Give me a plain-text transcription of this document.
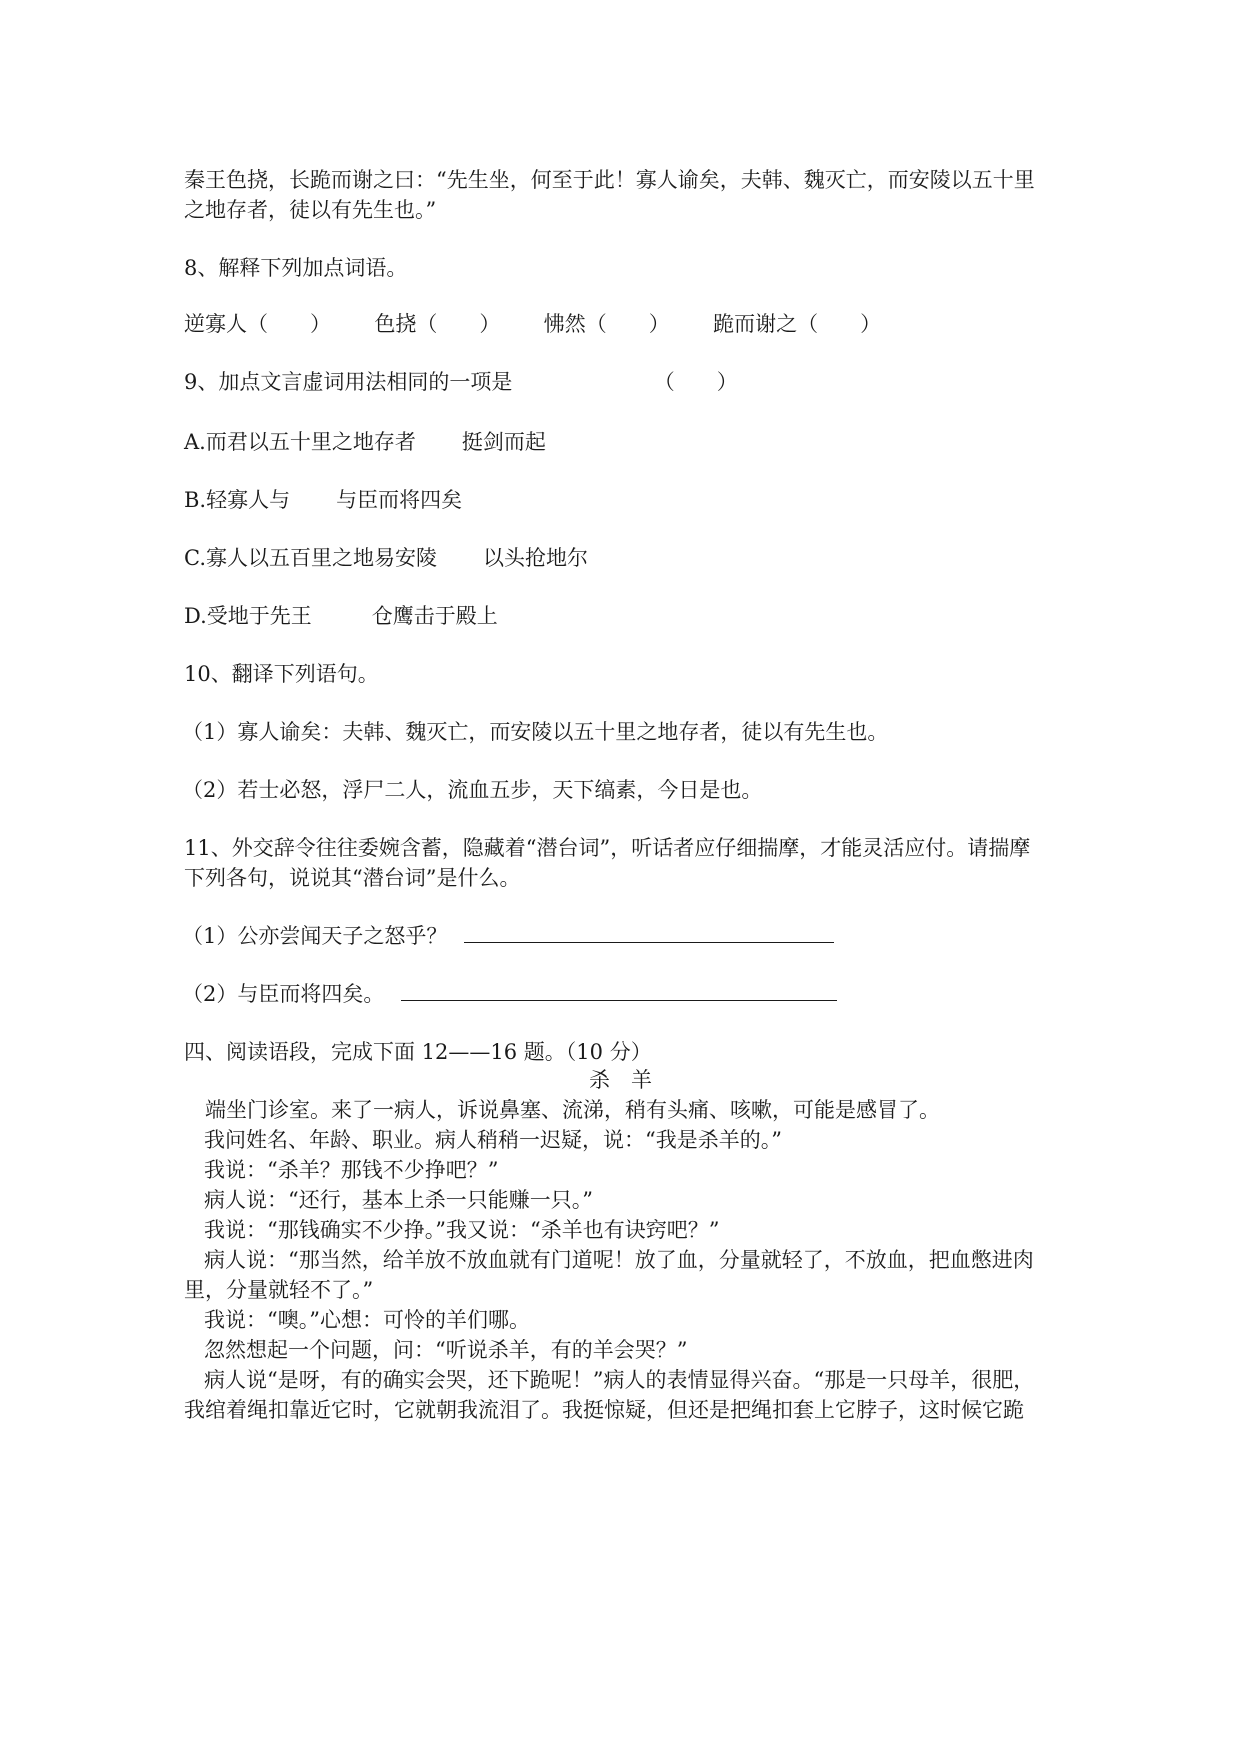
秦王色挠，长跪而谢之曰：“先生坐，何至于此！寡人谕矣，夫韩、魏灭亡，而安陵以五十里
之地存者，徒以有先生也。”
8、解释下列加点词语。
逆寡人（　　） 色挠（　　） 怫然（　　） 跪而谢之（　　）
9、加点文言虚词用法相同的一项是	（　　）
A.而君以五十里之地存者 挺剑而起
B.轻寡人与 与臣而将四矣
C.寡人以五百里之地易安陵 以头抢地尔
D.受地于先王	仓鹰击于殿上
10、翻译下列语句。
（1）寡人谕矣：夫韩、魏灭亡，而安陵以五十里之地存者，徒以有先生也。
（2）若士必怒，浮尸二人，流血五步，天下缟素，今日是也。
11、外交辞令往往委婉含蓄，隐藏着“潜台词”，听话者应仔细揣摩，才能灵活应付。请揣摩
下列各句，说说其“潜台词”是什么。
（1）公亦尝闻天子之怒乎？
（2）与臣而将四矣。
四、阅读语段，完成下面 12——16 题。（10 分）
杀　羊
　端坐门诊室。来了一病人，诉说鼻塞、流涕，稍有头痛、咳嗽，可能是感冒了。
我问姓名、年龄、职业。病人稍稍一迟疑，说：“我是杀羊的。”
我说：“杀羊？那钱不少挣吧？”
病人说：“还行，基本上杀一只能赚一只。”
我说：“那钱确实不少挣。”我又说：“杀羊也有诀窍吧？”
病人说：“那当然，给羊放不放血就有门道呢！放了血，分量就轻了，不放血，把血憋进肉
里，分量就轻不了。”
我说：“噢。”心想：可怜的羊们哪。
忽然想起一个问题，问：“听说杀羊，有的羊会哭？”
病人说“是呀，有的确实会哭，还下跪呢！”病人的表情显得兴奋。“那是一只母羊，很肥，
我绾着绳扣靠近它时，它就朝我流泪了。我挺惊疑，但还是把绳扣套上它脖子，这时候它跪
